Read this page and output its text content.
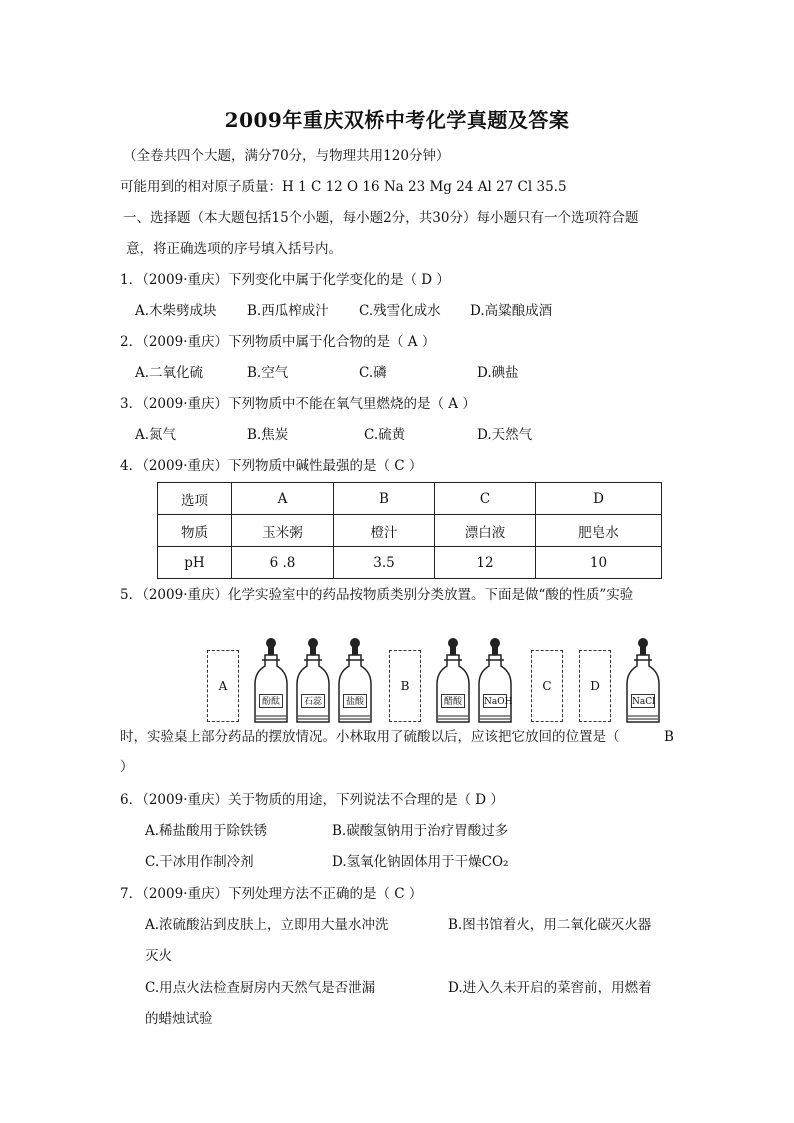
2009年重庆双桥中考化学真题及答案
（全卷共四个大题，满分70分，与物理共用120分钟）
可能用到的相对原子质量：H 1 C 12 O 16 Na 23 Mg 24 Al 27 Cl 35.5
一、选择题（本大题包括15个小题，每小题2分，共30分）每小题只有一个选项符合题
意，将正确选项的序号填入括号内。
1．（2009·重庆）下列变化中属于化学变化的是（ D ）
A.木柴劈成块 B.西瓜榨成汁 C.残雪化成水 D.高粱酿成酒
2．（2009·重庆）下列物质中属于化合物的是（ A ）
A.二氧化硫	B.空气	C.磷	D.碘盐
3．（2009·重庆）下列物质中不能在氧气里燃烧的是（ A ）
A.氮气	B.焦炭	C.硫黄	D.天然气
4．（2009·重庆）下列物质中碱性最强的是（ C ）
选项	A	B	C	D
物质	玉米粥	橙汁	漂白液	肥皂水
pH	6 .8	3.5	12	10
5．（2009·重庆）化学实验室中的药品按物质类别分类放置。下面是做“酸的性质”实验
A
酚酞	石蕊	盐酸
B
醋酸	NaOH
C	D
NaCl
时，实验桌上部分药品的摆放情况。小林取用了硫酸以后，应该把它放回的位置是（	B
）
6．（2009·重庆）关于物质的用途，下列说法不合理的是（ D ）
A.稀盐酸用于除铁锈	B.碳酸氢钠用于治疗胃酸过多
C.干冰用作制冷剂	D.氢氧化钠固体用于干燥CO₂
7．（2009·重庆）下列处理方法不正确的是（ C ）
A.浓硫酸沾到皮肤上，立即用大量水冲洗	B.图书馆着火，用二氧化碳灭火器
灭火
C.用点火法检查厨房内天然气是否泄漏	D.进入久未开启的菜窖前，用燃着
的蜡烛试验
